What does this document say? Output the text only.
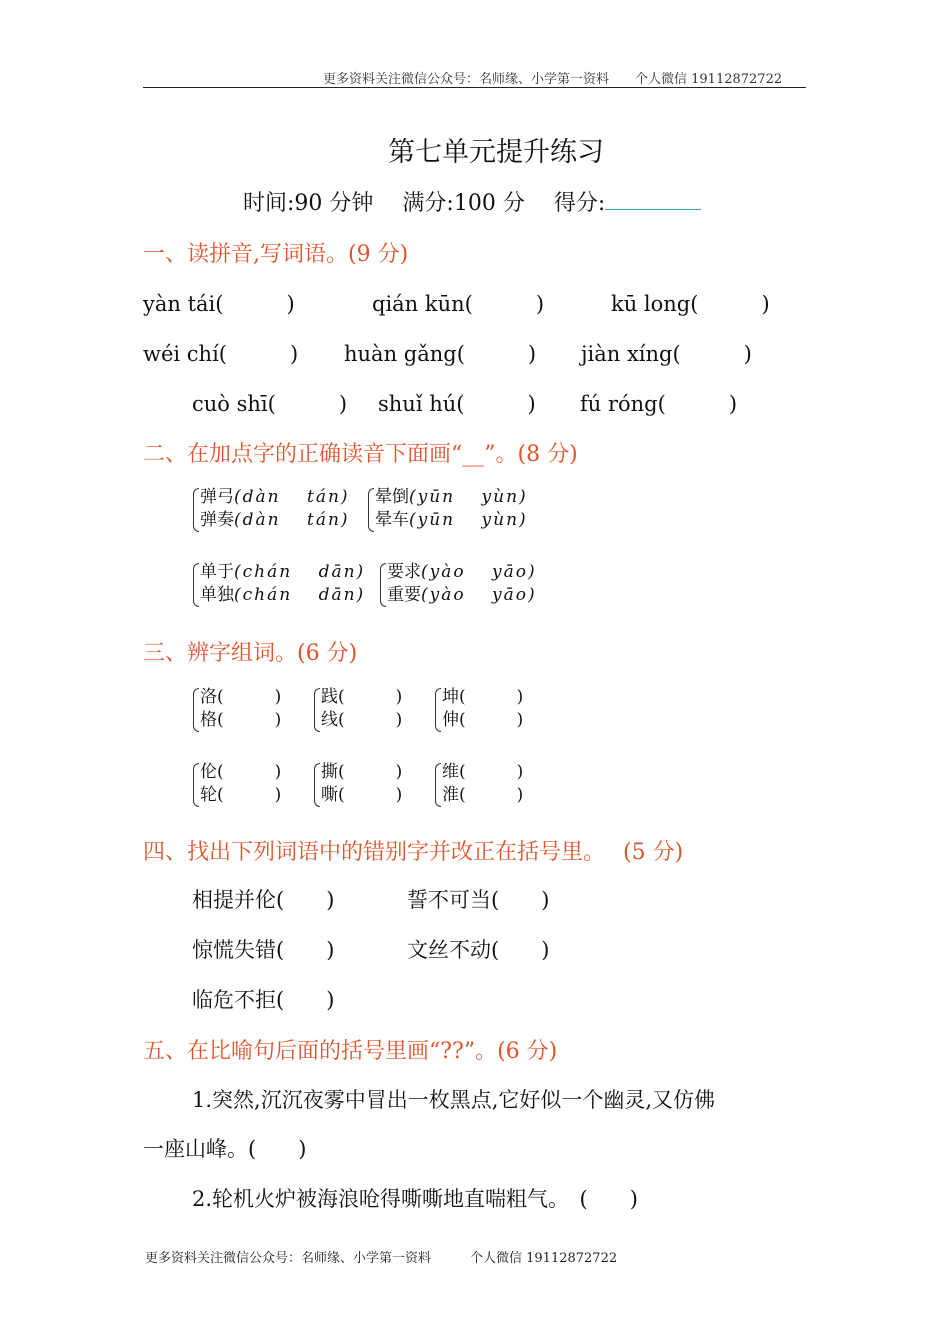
更多资料关注微信公众号：名师缘、小学第一资料　　个人微信 19112872722
第七单元提升练习
时间:90 分钟　 满分:100 分　 得分:
一、读拼音,写词语。(9 分)
yàn tái(　　　)	qián kūn(　　　)	kū long(　　　)
wéi chí(　　　) huàn gǎng(　　　) jiàn xíng(　　　)
cuò shī(　　　) shuǐ hú(　　　) fú róng(　　　)
二、在加点字的正确读音下面画“__”。(8 分)
弹弓(dàn　 tán)
弹奏(dàn　 tán)
晕倒(yūn　 yùn)
晕车(yūn　 yùn)
单于(chán　 dān)
单独(chán　 dān)
要求(yào　 yāo)
重要(yào　 yāo)
三、辨字组词。(6 分)
洛(　　　)
格(　　　)
践(　　　)
线(　　　)
坤(　　　)
伸(　　　)
伦(　　　)
轮(　　　)
撕(　　　)
嘶(　　　)
维(　　　)
淮(　　　)
四、找出下列词语中的错别字并改正在括号里。　 (5 分)
相提并伦(　　)	誓不可当(　　)
惊慌失错(　　)	文丝不动(　　)
临危不拒(　　)
五、在比喻句后面的括号里画“??”。(6 分)
1.突然,沉沉夜雾中冒出一枚黑点,它好似一个幽灵,又仿佛
一座山峰。(　　)
2.轮机火炉被海浪呛得嘶嘶地直喘粗气。　(　　)
更多资料关注微信公众号：名师缘、小学第一资料　　　个人微信 19112872722
